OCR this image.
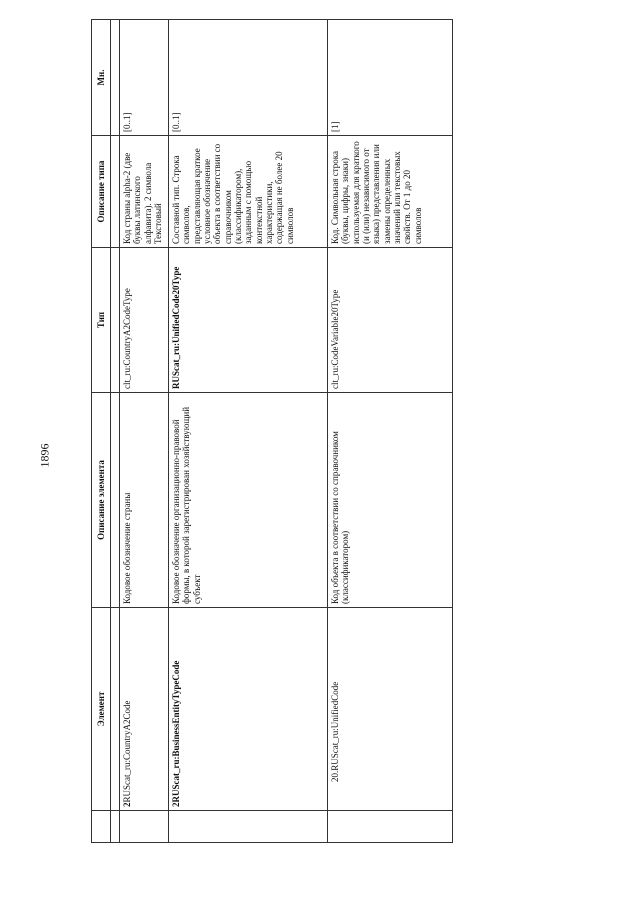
1896
	Элемент	Описание элемента	Тип	Описание типа	Мн.

	2RUScat_ru:CountryA2Code	Кодовое обозначение страны	clt_ru:CountryA2CodeType	Код страны alpha-2 (две буквы латинского алфавита). 2 символа Текстовый	[0..1]
	2RUScat_ru:BusinessEntityTypeCode	Кодовое обозначение организационно-правовой формы, в которой зарегистрирован хозяйствующий субъект	RUScat_ru:UnifiedCode20Type	Составной тип. Строка символов, представляющая краткое условное обозначение объекта в соответствии со справочником (классификатором), заданным с помощью контекстной характеристики, содержащая не более 20 символов	[0..1]
	20.RUScat_ru:UnifiedCode	Код объекта в соответствии со справочником (классификатором)	clt_ru:CodeVariable20Type	Код. Символьная строка (буквы, цифры, знаки) используемая для краткого (и (или) независимого от языка) представления или замены определенных значений или текстовых свойств. От 1 до 20 символов	[1]
